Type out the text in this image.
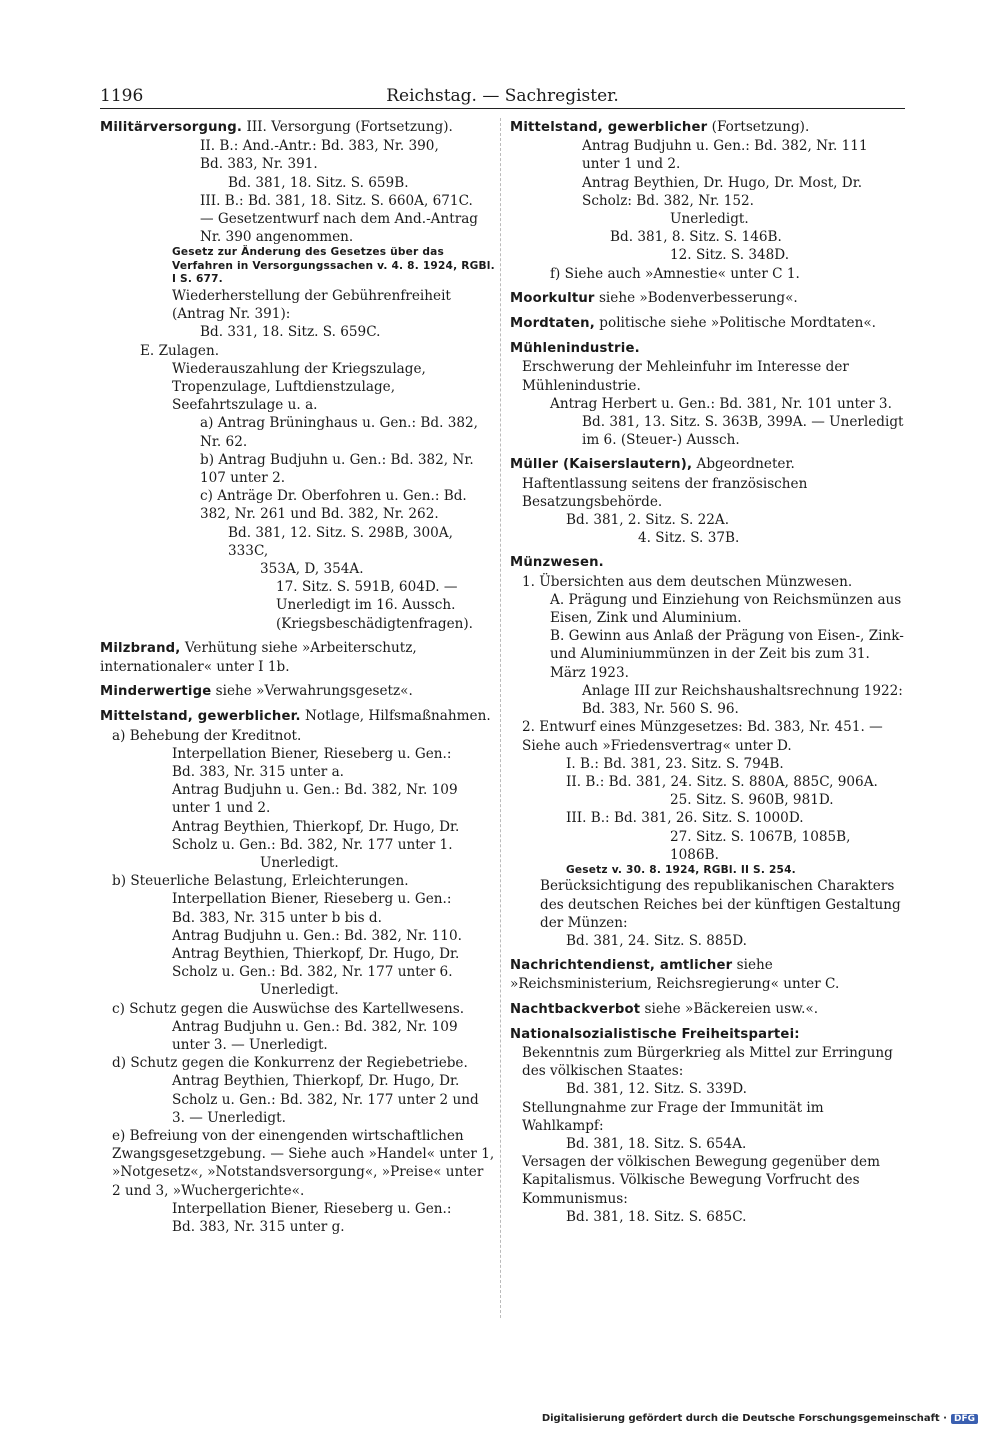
1196	Reichstag. — Sachregister.
Militärversorgung. III. Versorgung (Fortsetzung).
II. B.: And.-Antr.: Bd. 383, Nr. 390,
Bd. 383, Nr. 391.
Bd. 381, 18. Sitz. S. 659B.
III. B.: Bd. 381, 18. Sitz. S. 660A, 671C.
— Gesetzentwurf nach dem And.-Antrag
Nr. 390 angenommen.
Gesetz zur Änderung des Gesetzes über das Verfahren in Versorgungssachen v. 4. 8. 1924, RGBl. I S. 677.
Wiederherstellung der Gebührenfreiheit (Antrag Nr. 391):
Bd. 331, 18. Sitz. S. 659C.
E. Zulagen.
Wiederauszahlung der Kriegszulage, Tropenzulage, Luftdienstzulage, Seefahrtszulage u. a.
a) Antrag Brüninghaus u. Gen.: Bd. 382, Nr. 62.
b) Antrag Budjuhn u. Gen.: Bd. 382, Nr. 107 unter 2.
c) Anträge Dr. Oberfohren u. Gen.: Bd. 382, Nr. 261 und Bd. 382, Nr. 262.
Bd. 381, 12. Sitz. S. 298B, 300A, 333C,
353A, D, 354A.
17. Sitz. S. 591B, 604D. —
Unerledigt im 16. Aussch.
(Kriegsbeschädigtenfragen).
Milzbrand, Verhütung siehe »Arbeiterschutz, internationaler« unter I 1b.
Minderwertige siehe »Verwahrungsgesetz«.
Mittelstand, gewerblicher. Notlage, Hilfsmaßnahmen.
a) Behebung der Kreditnot.
Interpellation Biener, Rieseberg u. Gen.:
Bd. 383, Nr. 315 unter a.
Antrag Budjuhn u. Gen.: Bd. 382, Nr. 109 unter 1 und 2.
Antrag Beythien, Thierkopf, Dr. Hugo, Dr. Scholz u. Gen.: Bd. 382, Nr. 177 unter 1.
Unerledigt.
b) Steuerliche Belastung, Erleichterungen.
Interpellation Biener, Rieseberg u. Gen.:
Bd. 383, Nr. 315 unter b bis d.
Antrag Budjuhn u. Gen.: Bd. 382, Nr. 110.
Antrag Beythien, Thierkopf, Dr. Hugo, Dr. Scholz u. Gen.: Bd. 382, Nr. 177 unter 6.
Unerledigt.
c) Schutz gegen die Auswüchse des Kartellwesens.
Antrag Budjuhn u. Gen.: Bd. 382, Nr. 109 unter 3. — Unerledigt.
d) Schutz gegen die Konkurrenz der Regiebetriebe.
Antrag Beythien, Thierkopf, Dr. Hugo, Dr. Scholz u. Gen.: Bd. 382, Nr. 177 unter 2 und 3. — Unerledigt.
e) Befreiung von der einengenden wirtschaftlichen Zwangsgesetzgebung. — Siehe auch »Handel« unter 1, »Notgesetz«, »Notstandsversorgung«, »Preise« unter 2 und 3, »Wuchergerichte«.
Interpellation Biener, Rieseberg u. Gen.:
Bd. 383, Nr. 315 unter g.
Mittelstand, gewerblicher (Fortsetzung).
Antrag Budjuhn u. Gen.: Bd. 382, Nr. 111 unter 1 und 2.
Antrag Beythien, Dr. Hugo, Dr. Most, Dr. Scholz: Bd. 382, Nr. 152.
Unerledigt.
Bd. 381, 8. Sitz. S. 146B.
12. Sitz. S. 348D.
f) Siehe auch »Amnestie« unter C 1.
Moorkultur siehe »Bodenverbesserung«.
Mordtaten, politische siehe »Politische Mordtaten«.
Mühlenindustrie.
Erschwerung der Mehleinfuhr im Interesse der Mühlenindustrie.
Antrag Herbert u. Gen.: Bd. 381, Nr. 101 unter 3.
Bd. 381, 13. Sitz. S. 363B, 399A. — Unerledigt im 6. (Steuer-) Aussch.
Müller (Kaiserslautern), Abgeordneter.
Haftentlassung seitens der französischen Besatzungsbehörde.
Bd. 381, 2. Sitz. S. 22A.
4. Sitz. S. 37B.
Münzwesen.
1. Übersichten aus dem deutschen Münzwesen.
A. Prägung und Einziehung von Reichsmünzen aus Eisen, Zink und Aluminium.
B. Gewinn aus Anlaß der Prägung von Eisen-, Zink- und Aluminiummünzen in der Zeit bis zum 31. März 1923.
Anlage III zur Reichshaushaltsrechnung 1922: Bd. 383, Nr. 560 S. 96.
2. Entwurf eines Münzgesetzes: Bd. 383, Nr. 451. — Siehe auch »Friedensvertrag« unter D.
I. B.: Bd. 381, 23. Sitz. S. 794B.
II. B.: Bd. 381, 24. Sitz. S. 880A, 885C, 906A.
25. Sitz. S. 960B, 981D.
III. B.: Bd. 381, 26. Sitz. S. 1000D.
27. Sitz. S. 1067B, 1085B,
1086B.
Gesetz v. 30. 8. 1924, RGBl. II S. 254.
Berücksichtigung des republikanischen Charakters des deutschen Reiches bei der künftigen Gestaltung der Münzen:
Bd. 381, 24. Sitz. S. 885D.
Nachrichtendienst, amtlicher siehe »Reichsministerium, Reichsregierung« unter C.
Nachtbackverbot siehe »Bäckereien usw.«.
Nationalsozialistische Freiheitspartei:
Bekenntnis zum Bürgerkrieg als Mittel zur Erringung des völkischen Staates:
Bd. 381, 12. Sitz. S. 339D.
Stellungnahme zur Frage der Immunität im Wahlkampf:
Bd. 381, 18. Sitz. S. 654A.
Versagen der völkischen Bewegung gegenüber dem Kapitalismus. Völkische Bewegung Vorfrucht des Kommunismus:
Bd. 381, 18. Sitz. S. 685C.
Digitalisierung gefördert durch die Deutsche Forschungsgemeinschaft · DFG
